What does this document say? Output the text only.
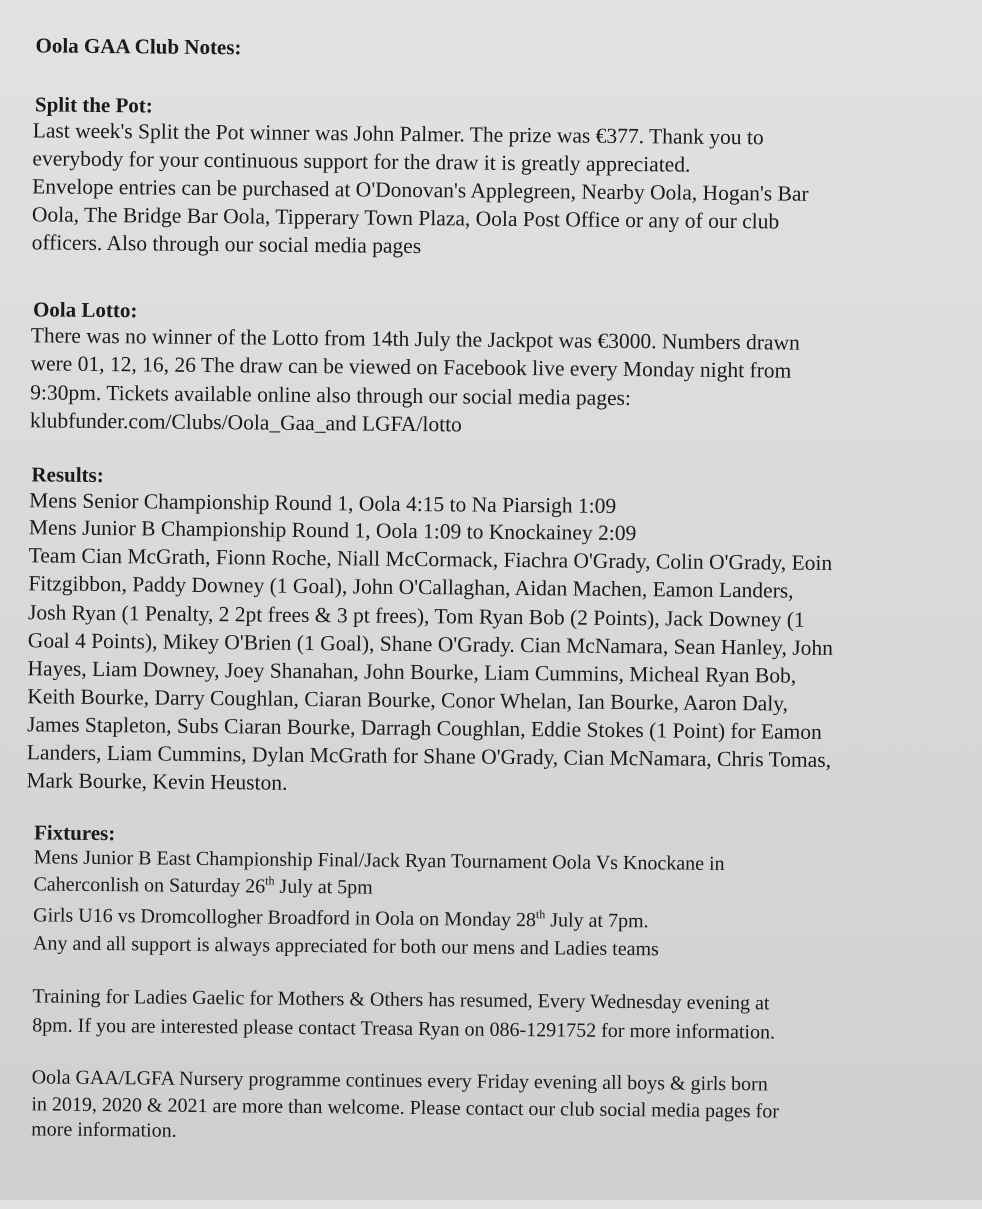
Oola GAA Club Notes:
Split the Pot:

Last week's Split the Pot winner was John Palmer. The prize was €377. Thank you to

everybody for your continuous support for the draw it is greatly appreciated.

Envelope entries can be purchased at O'Donovan's Applegreen, Nearby Oola, Hogan's Bar

Oola, The Bridge Bar Oola, Tipperary Town Plaza, Oola Post Office or any of our club

officers. Also through our social media pages

Oola Lotto:

There was no winner of the Lotto from 14th July the Jackpot was €3000. Numbers drawn

were 01, 12, 16, 26 The draw can be viewed on Facebook live every Monday night from

9:30pm. Tickets available online also through our social media pages:

klubfunder.com/Clubs/Oola_Gaa_and LGFA/lotto

Results:

Mens Senior Championship Round 1, Oola 4:15 to Na Piarsigh 1:09

Mens Junior B Championship Round 1, Oola 1:09 to Knockainey 2:09

Team Cian McGrath, Fionn Roche, Niall McCormack, Fiachra O'Grady, Colin O'Grady, Eoin

Fitzgibbon, Paddy Downey (1 Goal), John O'Callaghan, Aidan Machen, Eamon Landers,

Josh Ryan (1 Penalty, 2 2pt frees & 3 pt frees), Tom Ryan Bob (2 Points), Jack Downey (1

Goal 4 Points), Mikey O'Brien (1 Goal), Shane O'Grady. Cian McNamara, Sean Hanley, John

Hayes, Liam Downey, Joey Shanahan, John Bourke, Liam Cummins, Micheal Ryan Bob,

Keith Bourke, Darry Coughlan, Ciaran Bourke, Conor Whelan, Ian Bourke, Aaron Daly,

James Stapleton, Subs Ciaran Bourke, Darragh Coughlan, Eddie Stokes (1 Point) for Eamon

Landers, Liam Cummins, Dylan McGrath for Shane O'Grady, Cian McNamara, Chris Tomas,

Mark Bourke, Kevin Heuston.

Fixtures:

Mens Junior B East Championship Final/Jack Ryan Tournament Oola Vs Knockane in

Caherconlish on Saturday 26th July at 5pm

Girls U16 vs Dromcollogher Broadford in Oola on Monday 28th July at 7pm.

Any and all support is always appreciated for both our mens and Ladies teams

Training for Ladies Gaelic for Mothers & Others has resumed, Every Wednesday evening at

8pm. If you are interested please contact Treasa Ryan on 086-1291752 for more information.

Oola GAA/LGFA Nursery programme continues every Friday evening all boys & girls born

in 2019, 2020 & 2021 are more than welcome. Please contact our club social media pages for

more information.
